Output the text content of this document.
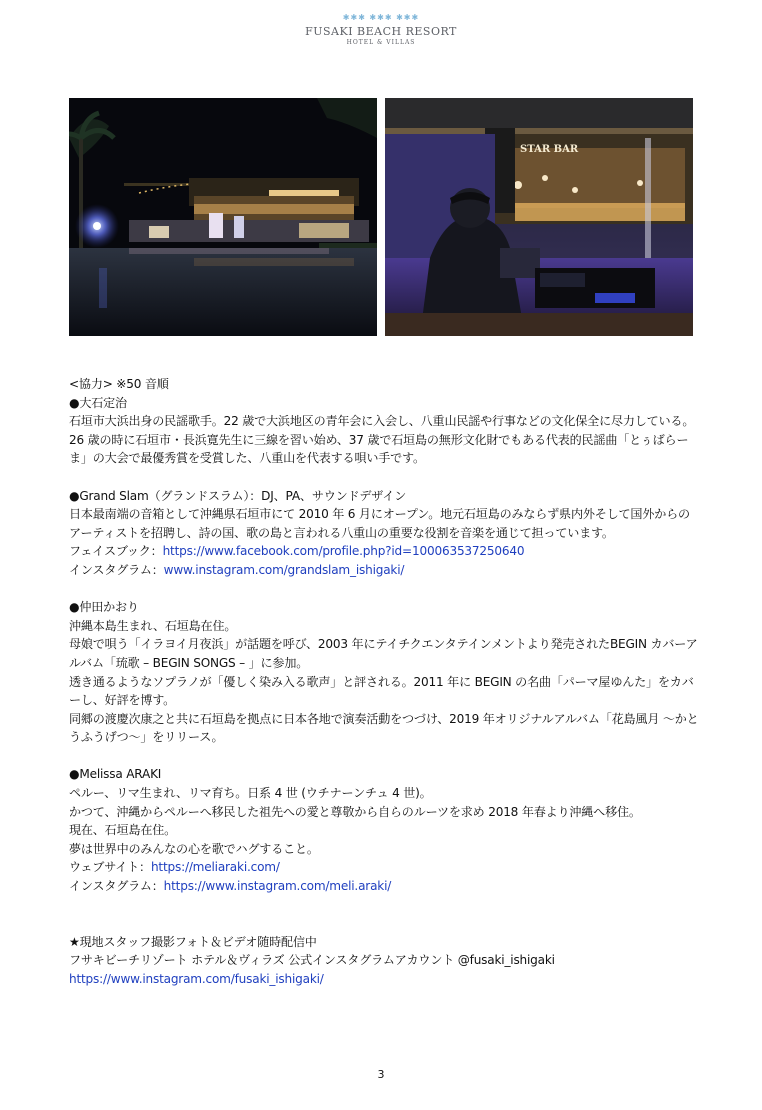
✱✱✱ ✱✱✱ ✱✱✱
FUSAKI BEACH RESORT
HOTEL & VILLAS
STAR BAR

<協力> ※50 音順

●大石定治

石垣市大浜出身の民謡歌手。22 歳で大浜地区の青年会に入会し、八重山民謡や行事などの文化保全に尽力している。26 歳の時に石垣市・長浜寛先生に三線を習い始め、37 歳で石垣島の無形文化財でもある代表的民謡曲「とぅばらーま」の大会で最優秀賞を受賞した、八重山を代表する唄い手です。

●Grand Slam（グランドスラム）：DJ、PA、サウンドデザイン

日本最南端の音箱として沖縄県石垣市にて 2010 年 6 月にオープン。地元石垣島のみならず県内外そして国外からのアーティストを招聘し、詩の国、歌の島と言われる八重山の重要な役割を音楽を通じて担っています。

フェイスブック：https://www.facebook.com/profile.php?id=100063537250640

インスタグラム：www.instagram.com/grandslam_ishigaki/

●仲田かおり

沖縄本島生まれ、石垣島在住。

母娘で唄う「イラヨイ月夜浜」が話題を呼び、2003 年にテイチクエンタテインメントより発売されたBEGIN カバーアルバム「琉歌 – BEGIN SONGS – 」に参加。

透き通るようなソプラノが「優しく染み入る歌声」と評される。2011 年に BEGIN の名曲「パーマ屋ゆんた」をカバーし、好評を博す。

同郷の渡慶次康之と共に石垣島を拠点に日本各地で演奏活動をつづけ、2019 年オリジナルアルバム「花島風月 ～かとうふうげつ～」をリリース。

●Melissa ARAKI

ペルー、リマ生まれ、リマ育ち。日系 4 世 (ウチナーンチュ 4 世)。

かつて、沖縄からペルーへ移民した祖先への愛と尊敬から自らのルーツを求め 2018 年春より沖縄へ移住。

現在、石垣島在住。

夢は世界中のみんなの心を歌でハグすること。

ウェブサイト：https://meliaraki.com/

インスタグラム：https://www.instagram.com/meli.araki/

★現地スタッフ撮影フォト＆ビデオ随時配信中

フサキビーチリゾート ホテル＆ヴィラズ 公式インスタグラムアカウント @fusaki_ishigaki

https://www.instagram.com/fusaki_ishigaki/

3
